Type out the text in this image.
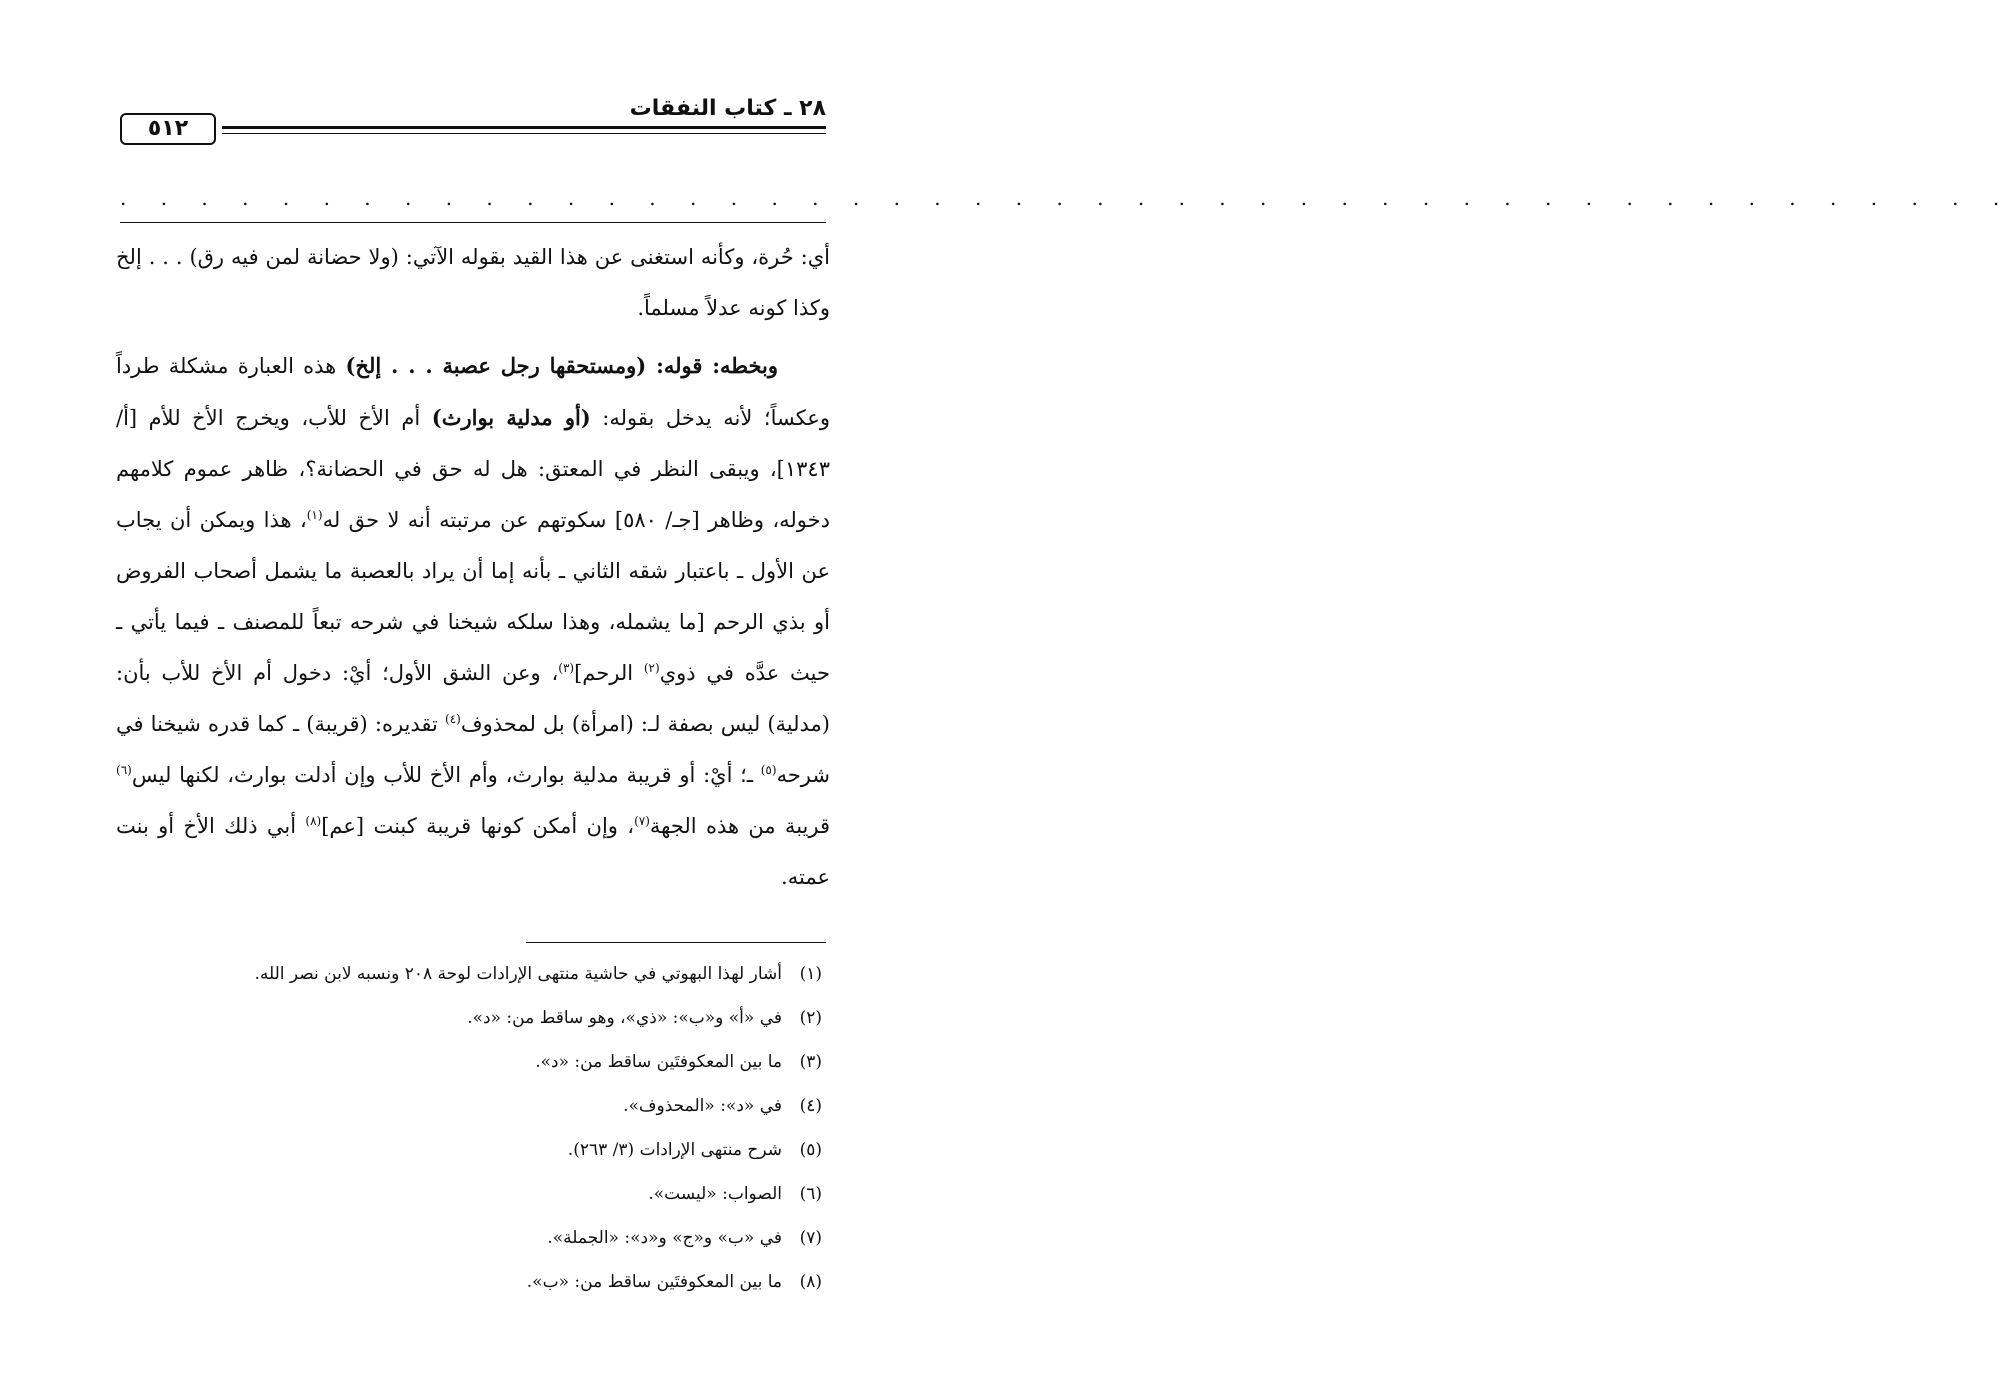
٢٨ ـ كتاب النفقات
٥١٢
. . . . . . . . . . . . . . . . . . . . . . . . . . . . . . . . . . . . . . . . . . . . . . .

أي: حُرة، وكأنه استغنى عن هذا القيد بقوله الآتي: (ولا حضانة لمن فيه رق) . . . إلخ وكذا كونه عدلاً مسلماً.

وبخطه: قوله: (ومستحقها رجل عصبة . . . إلخ) هذه العبارة مشكلة طرداً وعكساً؛ لأنه يدخل بقوله: (أو مدلية بوارث) أم الأخ للأب، ويخرج الأخ للأم [أ/ ١٣٤٣]، ويبقى النظر في المعتق: هل له حق في الحضانة؟، ظاهر عموم كلامهم دخوله، وظاهر [جـ/ ٥٨٠] سكوتهم عن مرتبته أنه لا حق له$^{(١)}$، هذا ويمكن أن يجاب عن الأول ـ باعتبار شقه الثاني ـ بأنه إما أن يراد بالعصبة ما يشمل أصحاب الفروض أو بذي الرحم [ما يشمله، وهذا سلكه شيخنا في شرحه تبعاً للمصنف ـ فيما يأتي ـ حيث عدَّه في ذوي$^{(٢)}$ الرحم]$^{(٣)}$، وعن الشق الأول؛ أيْ: دخول أم الأخ للأب بأن: (مدلية) ليس بصفة لـ: (امرأة) بل لمحذوف$^{(٤)}$ تقديره: (قريبة) ـ كما قدره شيخنا في شرحه$^{(٥)}$ ـ؛ أيْ: أو قريبة مدلية بوارث، وأم الأخ للأب وإن أدلت بوارث، لكنها ليس$^{(٦)}$ قريبة من هذه الجهة$^{(٧)}$، وإن أمكن كونها قريبة كبنت [عم]$^{(٨)}$ أبي ذلك الأخ أو بنت عمته.

(١)
أشار لهذا البهوتي في حاشية منتهى الإرادات لوحة ٢٠٨ ونسبه لابن نصر الله.
(٢)
في «أ» و«ب»: «ذي»، وهو ساقط من: «د».
(٣)
ما بين المعكوفتَين ساقط من: «د».
(٤)
في «د»: «المحذوف».
(٥)
شرح منتهى الإرادات (٣/ ٢٦٣).
(٦)
الصواب: «ليست».
(٧)
في «ب» و«ج» و«د»: «الجملة».
(٨)
ما بين المعكوفتَين ساقط من: «ب».
